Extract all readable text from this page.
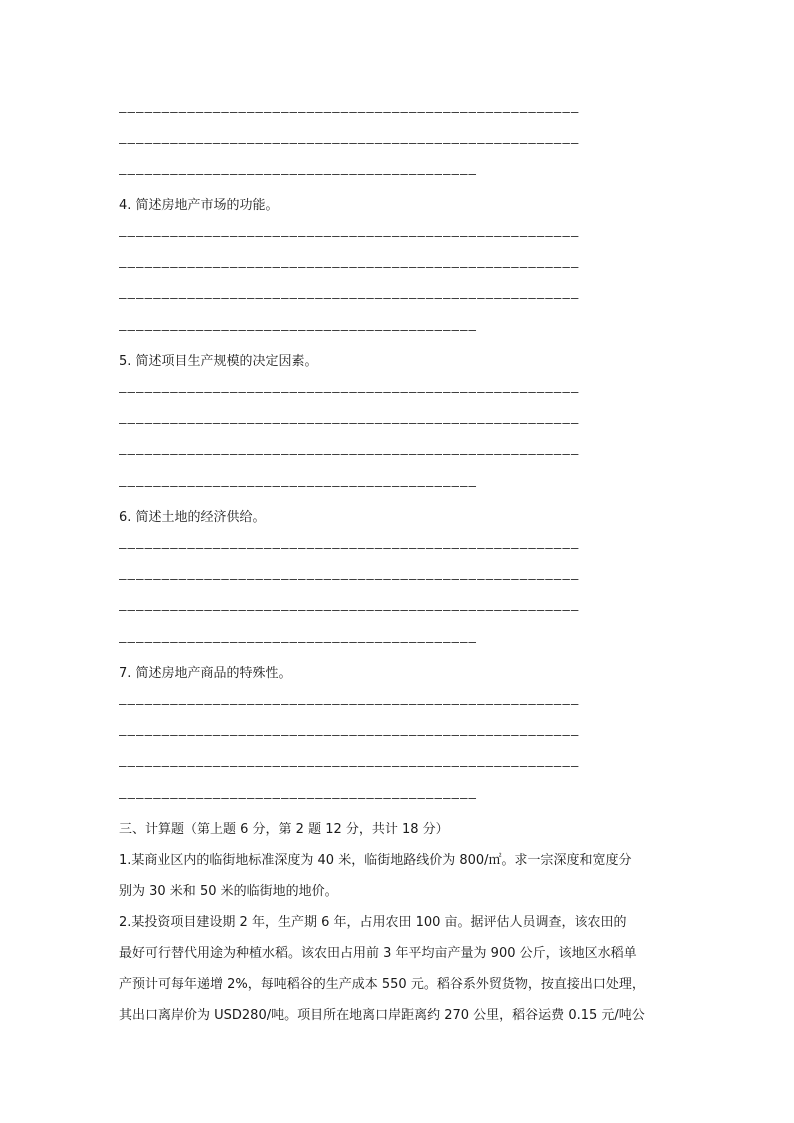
——————————————————————————————————————————————————————

——————————————————————————————————————————————————————

——————————————————————————————————————————

4. 简述房地产市场的功能。

——————————————————————————————————————————————————————

——————————————————————————————————————————————————————

——————————————————————————————————————————————————————

——————————————————————————————————————————

5. 简述项目生产规模的决定因素。

——————————————————————————————————————————————————————

——————————————————————————————————————————————————————

——————————————————————————————————————————————————————

——————————————————————————————————————————

6. 简述土地的经济供给。

——————————————————————————————————————————————————————

——————————————————————————————————————————————————————

——————————————————————————————————————————————————————

——————————————————————————————————————————

7. 简述房地产商品的特殊性。

——————————————————————————————————————————————————————

——————————————————————————————————————————————————————

——————————————————————————————————————————————————————

——————————————————————————————————————————

三、计算题（第上题 6 分，第 2 题 12 分，共计 18 分）

1.某商业区内的临街地标准深度为 40 米，临街地路线价为 800/㎡。求一宗深度和宽度分

别为 30 米和 50 米的临街地的地价。

2.某投资项目建设期 2 年，生产期 6 年，占用农田 100 亩。据评估人员调查，该农田的

最好可行替代用途为种植水稻。该农田占用前 3 年平均亩产量为 900 公斤，该地区水稻单

产预计可每年递增 2%，每吨稻谷的生产成本 550 元。稻谷系外贸货物，按直接出口处理，

其出口离岸价为 USD280/吨。项目所在地离口岸距离约 270 公里，稻谷运费 0.15 元/吨公
